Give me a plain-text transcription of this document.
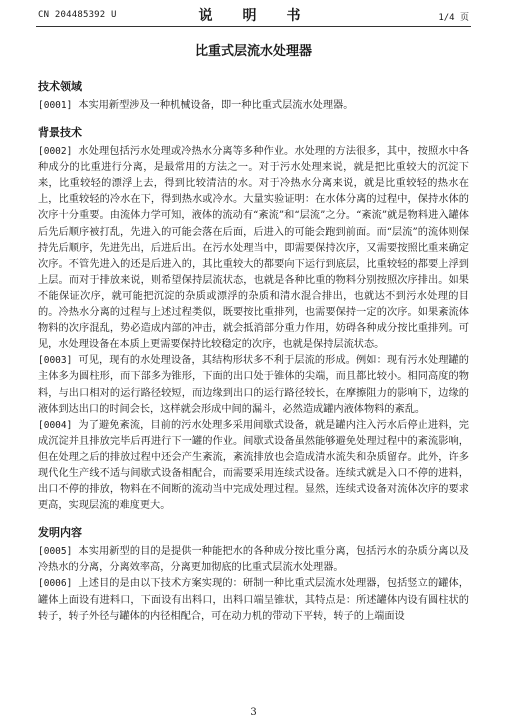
CN 204485392 U	说　明　书	1/4 页
比重式层流水处理器
技术领域

[0001] 本实用新型涉及一种机械设备，即一种比重式层流水处理器。

背景技术

[0002] 水处理包括污水处理或冷热水分离等多种作业。水处理的方法很多，其中，按照水中各种成分的比重进行分离，是最常用的方法之一。对于污水处理来说，就是把比重较大的沉淀下来，比重较轻的漂浮上去，得到比较清洁的水。对于冷热水分离来说，就是比重较轻的热水在上，比重较轻的冷水在下，得到热水或冷水。大量实验证明：在水体分离的过程中，保持水体的次序十分重要。由流体力学可知，液体的流动有“紊流”和“层流”之分。“紊流”就是物料进入罐体后先后顺序被打乱，先进入的可能会落在后面，后进入的可能会跑到前面。而“层流”的流体则保持先后顺序，先进先出，后进后出。在污水处理当中，即需要保持次序，又需要按照比重来确定次序。不管先进入的还是后进入的，其比重较大的都要向下运行到底层，比重较轻的都要上浮到上层。而对于排放来说，则希望保持层流状态，也就是各种比重的物料分别按照次序排出。如果不能保证次序，就可能把沉淀的杂质或漂浮的杂质和清水混合排出，也就达不到污水处理的目的。冷热水分离的过程与上述过程类似，既要按比重排列，也需要保持一定的次序。如果紊流体物料的次序混乱，势必造成内部的冲击，就会抵消部分重力作用，妨碍各种成分按比重排列。可见，水处理设备在本质上更需要保持比较稳定的次序，也就是保持层流状态。

[0003] 可见，现有的水处理设备，其结构形状多不利于层流的形成。例如：现有污水处理罐的主体多为圆柱形，而下部多为锥形，下面的出口处于锥体的尖端，而且都比较小。相同高度的物料，与出口相对的运行路径较短，而边缘到出口的运行路径较长，在摩擦阻力的影响下，边缘的液体到达出口的时间会长，这样就会形成中间的漏斗，必然造成罐内液体物料的紊乱。

[0004] 为了避免紊流，目前的污水处理多采用间歇式设备，就是罐内注入污水后停止进料，完成沉淀并且排放完毕后再进行下一罐的作业。间歇式设备虽然能够避免处理过程中的紊流影响，但在处理之后的排放过程中还会产生紊流，紊流排放也会造成清水流失和杂质留存。此外，许多现代化生产线不适与间歇式设备相配合，而需要采用连续式设备。连续式就是入口不停的进料，出口不停的排放，物料在不间断的流动当中完成处理过程。显然，连续式设备对流体次序的要求更高，实现层流的难度更大。

发明内容

[0005] 本实用新型的目的是提供一种能把水的各种成分按比重分离，包括污水的杂质分离以及冷热水的分离，分离效率高，分离更加彻底的比重式层流水处理器。

[0006] 上述目的是由以下技术方案实现的：研制一种比重式层流水处理器，包括竖立的罐体，罐体上面设有进料口，下面设有出料口，出料口端呈锥状，其特点是：所述罐体内设有圆柱状的转子，转子外径与罐体的内径相配合，可在动力机的带动下平转，转子的上端面设

3
